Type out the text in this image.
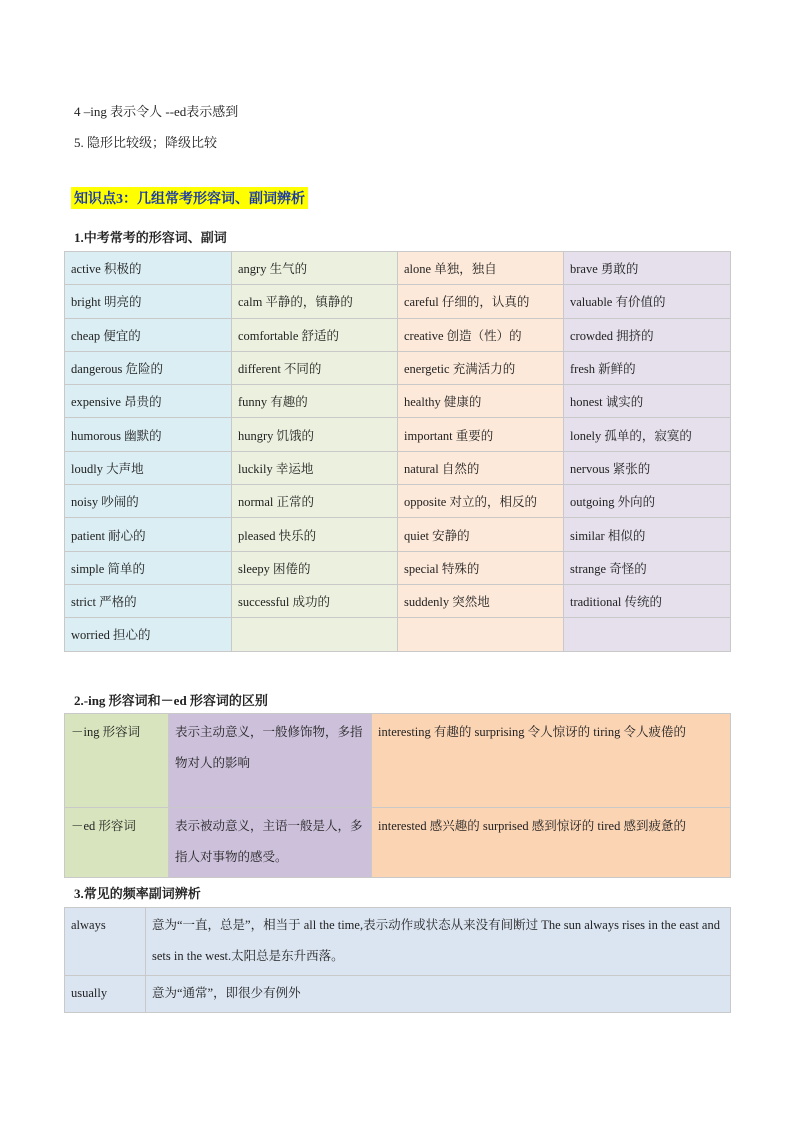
4 –ing 表示令人 --ed表示感到
5. 隐形比较级；降级比较
知识点3：几组常考形容词、副词辨析
1.中考常考的形容词、副词
active 积极的	angry 生气的	alone 单独，独自	brave 勇敢的
bright 明亮的	calm 平静的，镇静的	careful 仔细的，认真的	valuable 有价值的
cheap 便宜的	comfortable 舒适的	creative 创造（性）的	crowded 拥挤的
dangerous 危险的	different 不同的	energetic 充满活力的	fresh 新鲜的
expensive 昂贵的	funny 有趣的	healthy 健康的	honest 诚实的
humorous 幽默的	hungry 饥饿的	important 重要的	lonely 孤单的，寂寞的
loudly 大声地	luckily 幸运地	natural 自然的	nervous 紧张的
noisy 吵闹的	normal 正常的	opposite 对立的，相反的	outgoing 外向的
patient 耐心的	pleased 快乐的	quiet 安静的	similar 相似的
simple 简单的	sleepy 困倦的	special 特殊的	strange 奇怪的
strict 严格的	successful 成功的	suddenly 突然地	traditional 传统的
worried 担心的			
2.-ing 形容词和－ed 形容词的区别
－ing 形容词	表示主动意义，一般修饰物，多指物对人的影响	interesting 有趣的 surprising 令人惊讶的 tiring 令人疲倦的
－ed 形容词	表示被动意义，主语一般是人，多指人对事物的感受。	interested 感兴趣的 surprised 感到惊讶的 tired 感到疲惫的
3.常见的频率副词辨析
always	意为“一直，总是”，相当于 all the time,表示动作或状态从来没有间断过 The sun always rises in the east and sets in the west.太阳总是东升西落。
usually	意为“通常”，即很少有例外
